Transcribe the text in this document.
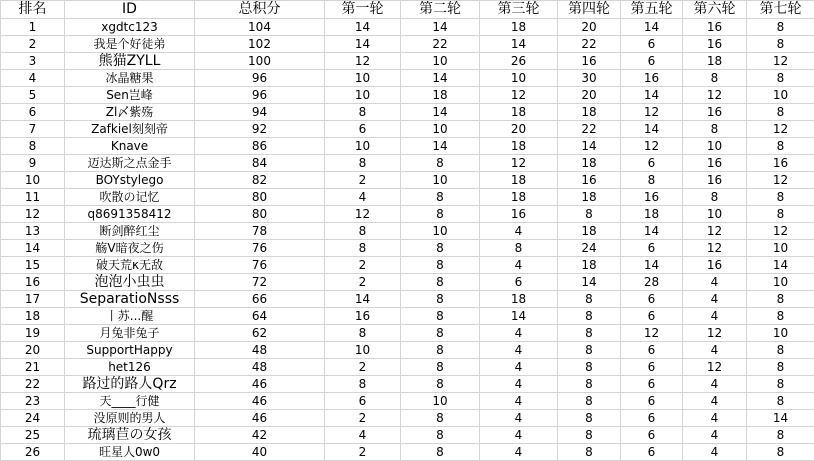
排名	ID	总积分	第一轮	第二轮	第三轮	第四轮	第五轮	第六轮	第七轮
1	xgdtc123	104	14	14	18	20	14	16	8
2	我是个好徒弟	102	14	22	14	22	6	16	8
3	熊猫ZYLL	100	12	10	26	16	6	18	12
4	冰晶糖果	96	10	14	10	30	16	8	8
5	Sen岂峰	96	10	18	12	20	14	12	10
6	Zl〆紫殇	94	8	14	18	18	12	16	8
7	Zafkiel刻刻帝	92	6	10	20	22	14	8	12
8	Knave	86	10	14	18	14	12	10	8
9	迈达斯之点金手	84	8	8	12	18	6	16	16
10	BOYstylego	82	2	10	18	16	8	16	12
11	吹散の记忆	80	4	8	18	18	16	8	8
12	q8691358412	80	12	8	16	8	18	10	8
13	断剑醉红尘	78	8	10	4	18	14	12	12
14	觞V暗夜之伤	76	8	8	8	24	6	12	10
15	破天荒κ无敌	76	2	8	4	18	14	16	14
16	泡泡小虫虫	72	2	8	6	14	28	4	10
17	SeparatioNsss	66	14	8	18	8	6	4	8
18	丨苏...醒	64	16	8	14	8	6	4	8
19	月兔非兔子	62	8	8	4	8	12	12	10
20	SupportHappy	48	10	8	4	8	6	4	8
21	het126	48	2	8	4	8	6	12	8
22	路过的路人Qrz	46	8	8	4	8	6	4	8
23	天____行健	46	6	10	4	8	6	4	8
24	没原则的男人	46	2	8	4	8	6	4	14
25	琉璃苣の女孩	42	4	8	4	8	6	4	8
26	旺星人0w0	40	2	8	4	8	6	4	8
